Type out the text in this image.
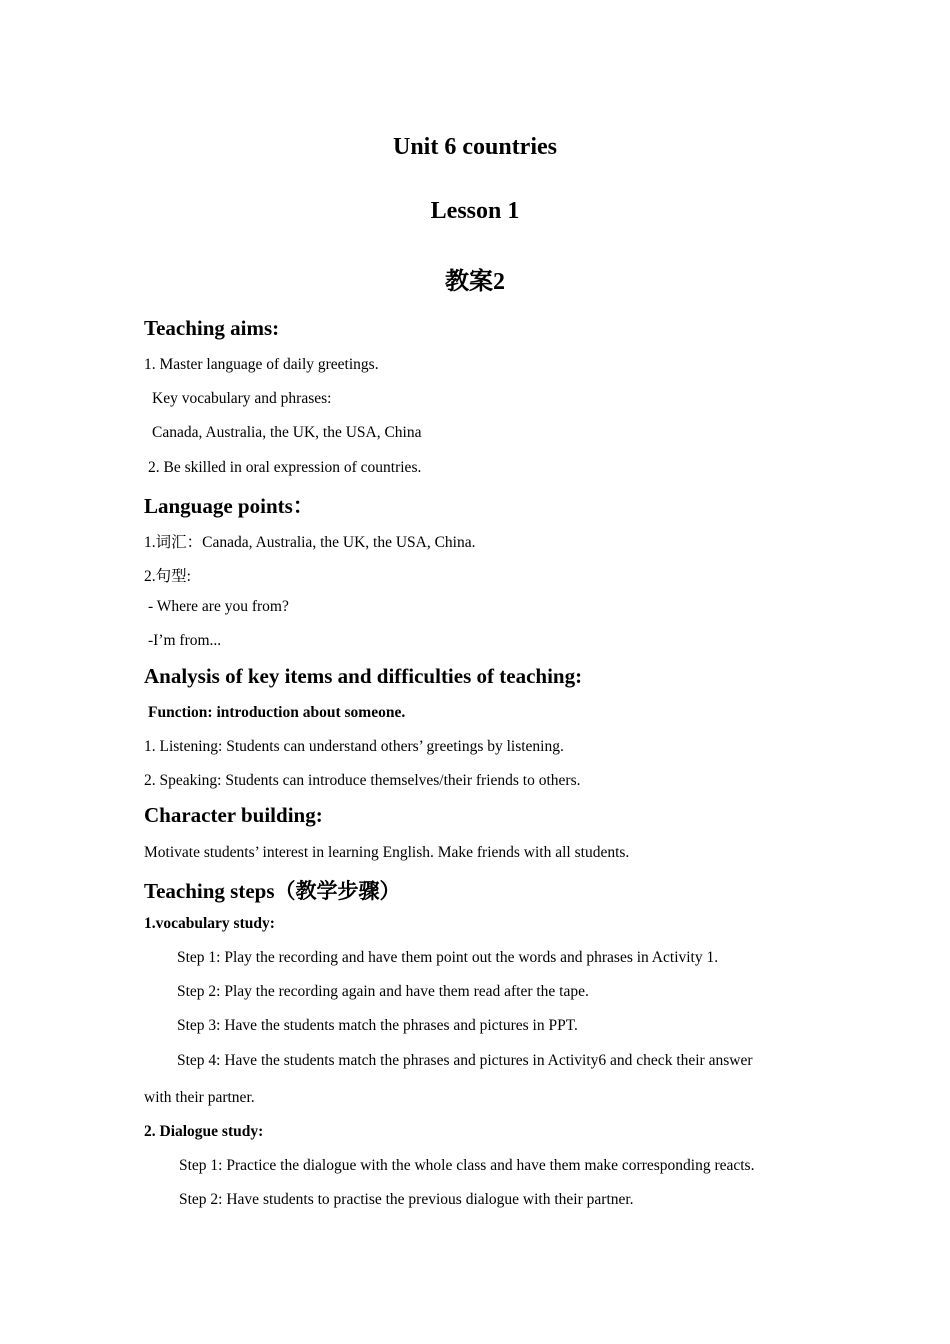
Unit 6 countries
Lesson 1
教案2
Teaching aims:
1. Master language of daily greetings.
Key vocabulary and phrases:
Canada, Australia, the UK, the USA, China
2. Be skilled in oral expression of countries.
Language points：
1.词汇：Canada, Australia, the UK, the USA, China.
2.句型:
- Where are you from?
-I’m from...
Analysis of key items and difficulties of teaching:
Function: introduction about someone.
1. Listening: Students can understand others’ greetings by listening.
2. Speaking: Students can introduce themselves/their friends to others.
Character building:
Motivate students’ interest in learning English. Make friends with all students.
Teaching steps（教学步骤）
1.vocabulary study:
Step 1: Play the recording and have them point out the words and phrases in Activity 1.
Step 2: Play the recording again and have them read after the tape.
Step 3: Have the students match the phrases and pictures in PPT.
Step 4: Have the students match the phrases and pictures in Activity6 and check their answer
with their partner.
2. Dialogue study:
Step 1: Practice the dialogue with the whole class and have them make corresponding reacts.
Step 2: Have students to practise the previous dialogue with their partner.
